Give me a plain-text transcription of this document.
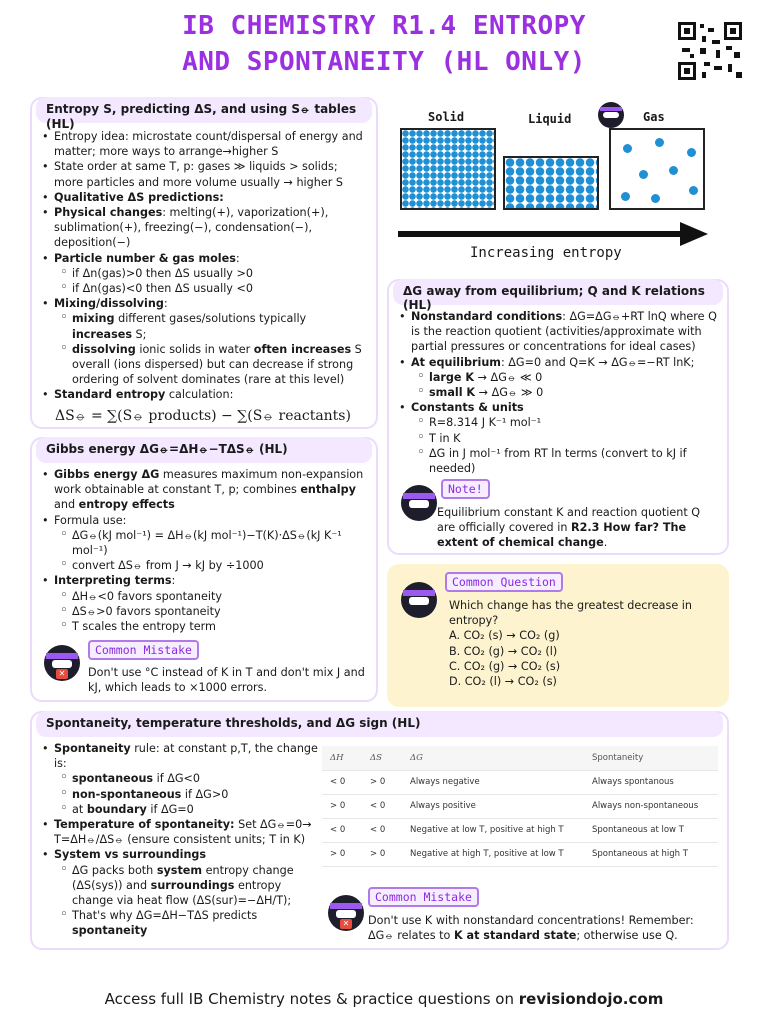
IB CHEMISTRY R1.4 ENTROPY
AND SPONTANEITY (HL ONLY)
Entropy S, predicting ΔS, and using S⦵ tables (HL)
• Entropy idea: microstate count/dispersal of energy and matter; more ways to arrange→higher S
• State order at same T, p: gases ≫ liquids > solids; more particles and more volume usually → higher S
• Qualitative ΔS predictions:
• Physical changes: melting(+), vaporization(+), sublimation(+), freezing(−), condensation(−), deposition(−)
• Particle number & gas moles:
◦ if Δn(gas)>0 then ΔS usually >0
◦ if Δn(gas)<0 then ΔS usually <0
• Mixing/dissolving:
◦ mixing different gases/solutions typically increases S;
◦ dissolving ionic solids in water often increases S overall (ions dispersed) but can decrease if strong ordering of solvent dominates (rare at this level)
• Standard entropy calculation:
ΔS⦵ = ∑(S⦵ products) − ∑(S⦵ reactants)
Solid	Liquid	Gas
Increasing entropy
Gibbs energy ΔG⦵=ΔH⦵−TΔS⦵ (HL)
• Gibbs energy ΔG measures maximum non-expansion work obtainable at constant T, p; combines enthalpy and entropy effects
• Formula use:
◦ ΔG⦵(kJ mol⁻¹) = ΔH⦵(kJ mol⁻¹)−T(K)·ΔS⦵(kJ K⁻¹ mol⁻¹)
◦ convert ΔS⦵ from J → kJ by ÷1000
• Interpreting terms:
◦ ΔH⦵<0 favors spontaneity
◦ ΔS⦵>0 favors spontaneity
◦ T scales the entropy term
✕
Common Mistake
Don't use °C instead of K in T and don't mix J and kJ, which leads to ×1000 errors.
ΔG away from equilibrium; Q and K relations (HL)
• Nonstandard conditions: ΔG=ΔG⦵+RT lnQ where Q is the reaction quotient (activities/approximate with partial pressures or concentrations for ideal cases)
• At equilibrium: ΔG=0 and Q=K → ΔG⦵=−RT lnK;
◦ large K → ΔG⦵ ≪ 0
◦ small K → ΔG⦵ ≫ 0
• Constants & units
◦ R=8.314 J K⁻¹ mol⁻¹
◦ T in K
◦ ΔG in J mol⁻¹ from RT ln terms (convert to kJ if needed)
Note!
Equilibrium constant K and reaction quotient Q are officially covered in R2.3 How far? The extent of chemical change.
Common Question
Which change has the greatest decrease in entropy?
A. CO₂ (s) → CO₂ (g)
B. CO₂ (g) → CO₂ (l)
C. CO₂ (g) → CO₂ (s)
D. CO₂ (l) → CO₂ (s)
Spontaneity, temperature thresholds, and ΔG sign (HL)
• Spontaneity rule: at constant p,T, the change is:
◦ spontaneous if ΔG<0
◦ non-spontaneous if ΔG>0
◦ at boundary if ΔG=0
• Temperature of spontaneity: Set ΔG⦵=0→ T=ΔH⦵/ΔS⦵ (ensure consistent units; T in K)
• System vs surroundings
◦ ΔG packs both system entropy change (ΔS(sys)) and surroundings entropy change via heat flow (ΔS(sur)=−ΔH/T);
◦ That's why ΔG=ΔH−TΔS predicts spontaneity
✕
Common Mistake
Don't use K with nonstandard concentrations! Remember: ΔG⦵ relates to K at standard state; otherwise use Q.
ΔH	ΔS	ΔG	Spontaneity
< 0	> 0	Always negative	Always spontanous
> 0	< 0	Always positive	Always non-spontaneous
< 0	< 0	Negative at low T, positive at high T	Spontaneous at low T
> 0	> 0	Negative at high T, positive at low T	Spontaneous at high T
Access full IB Chemistry notes & practice questions on revisiondojo.com
